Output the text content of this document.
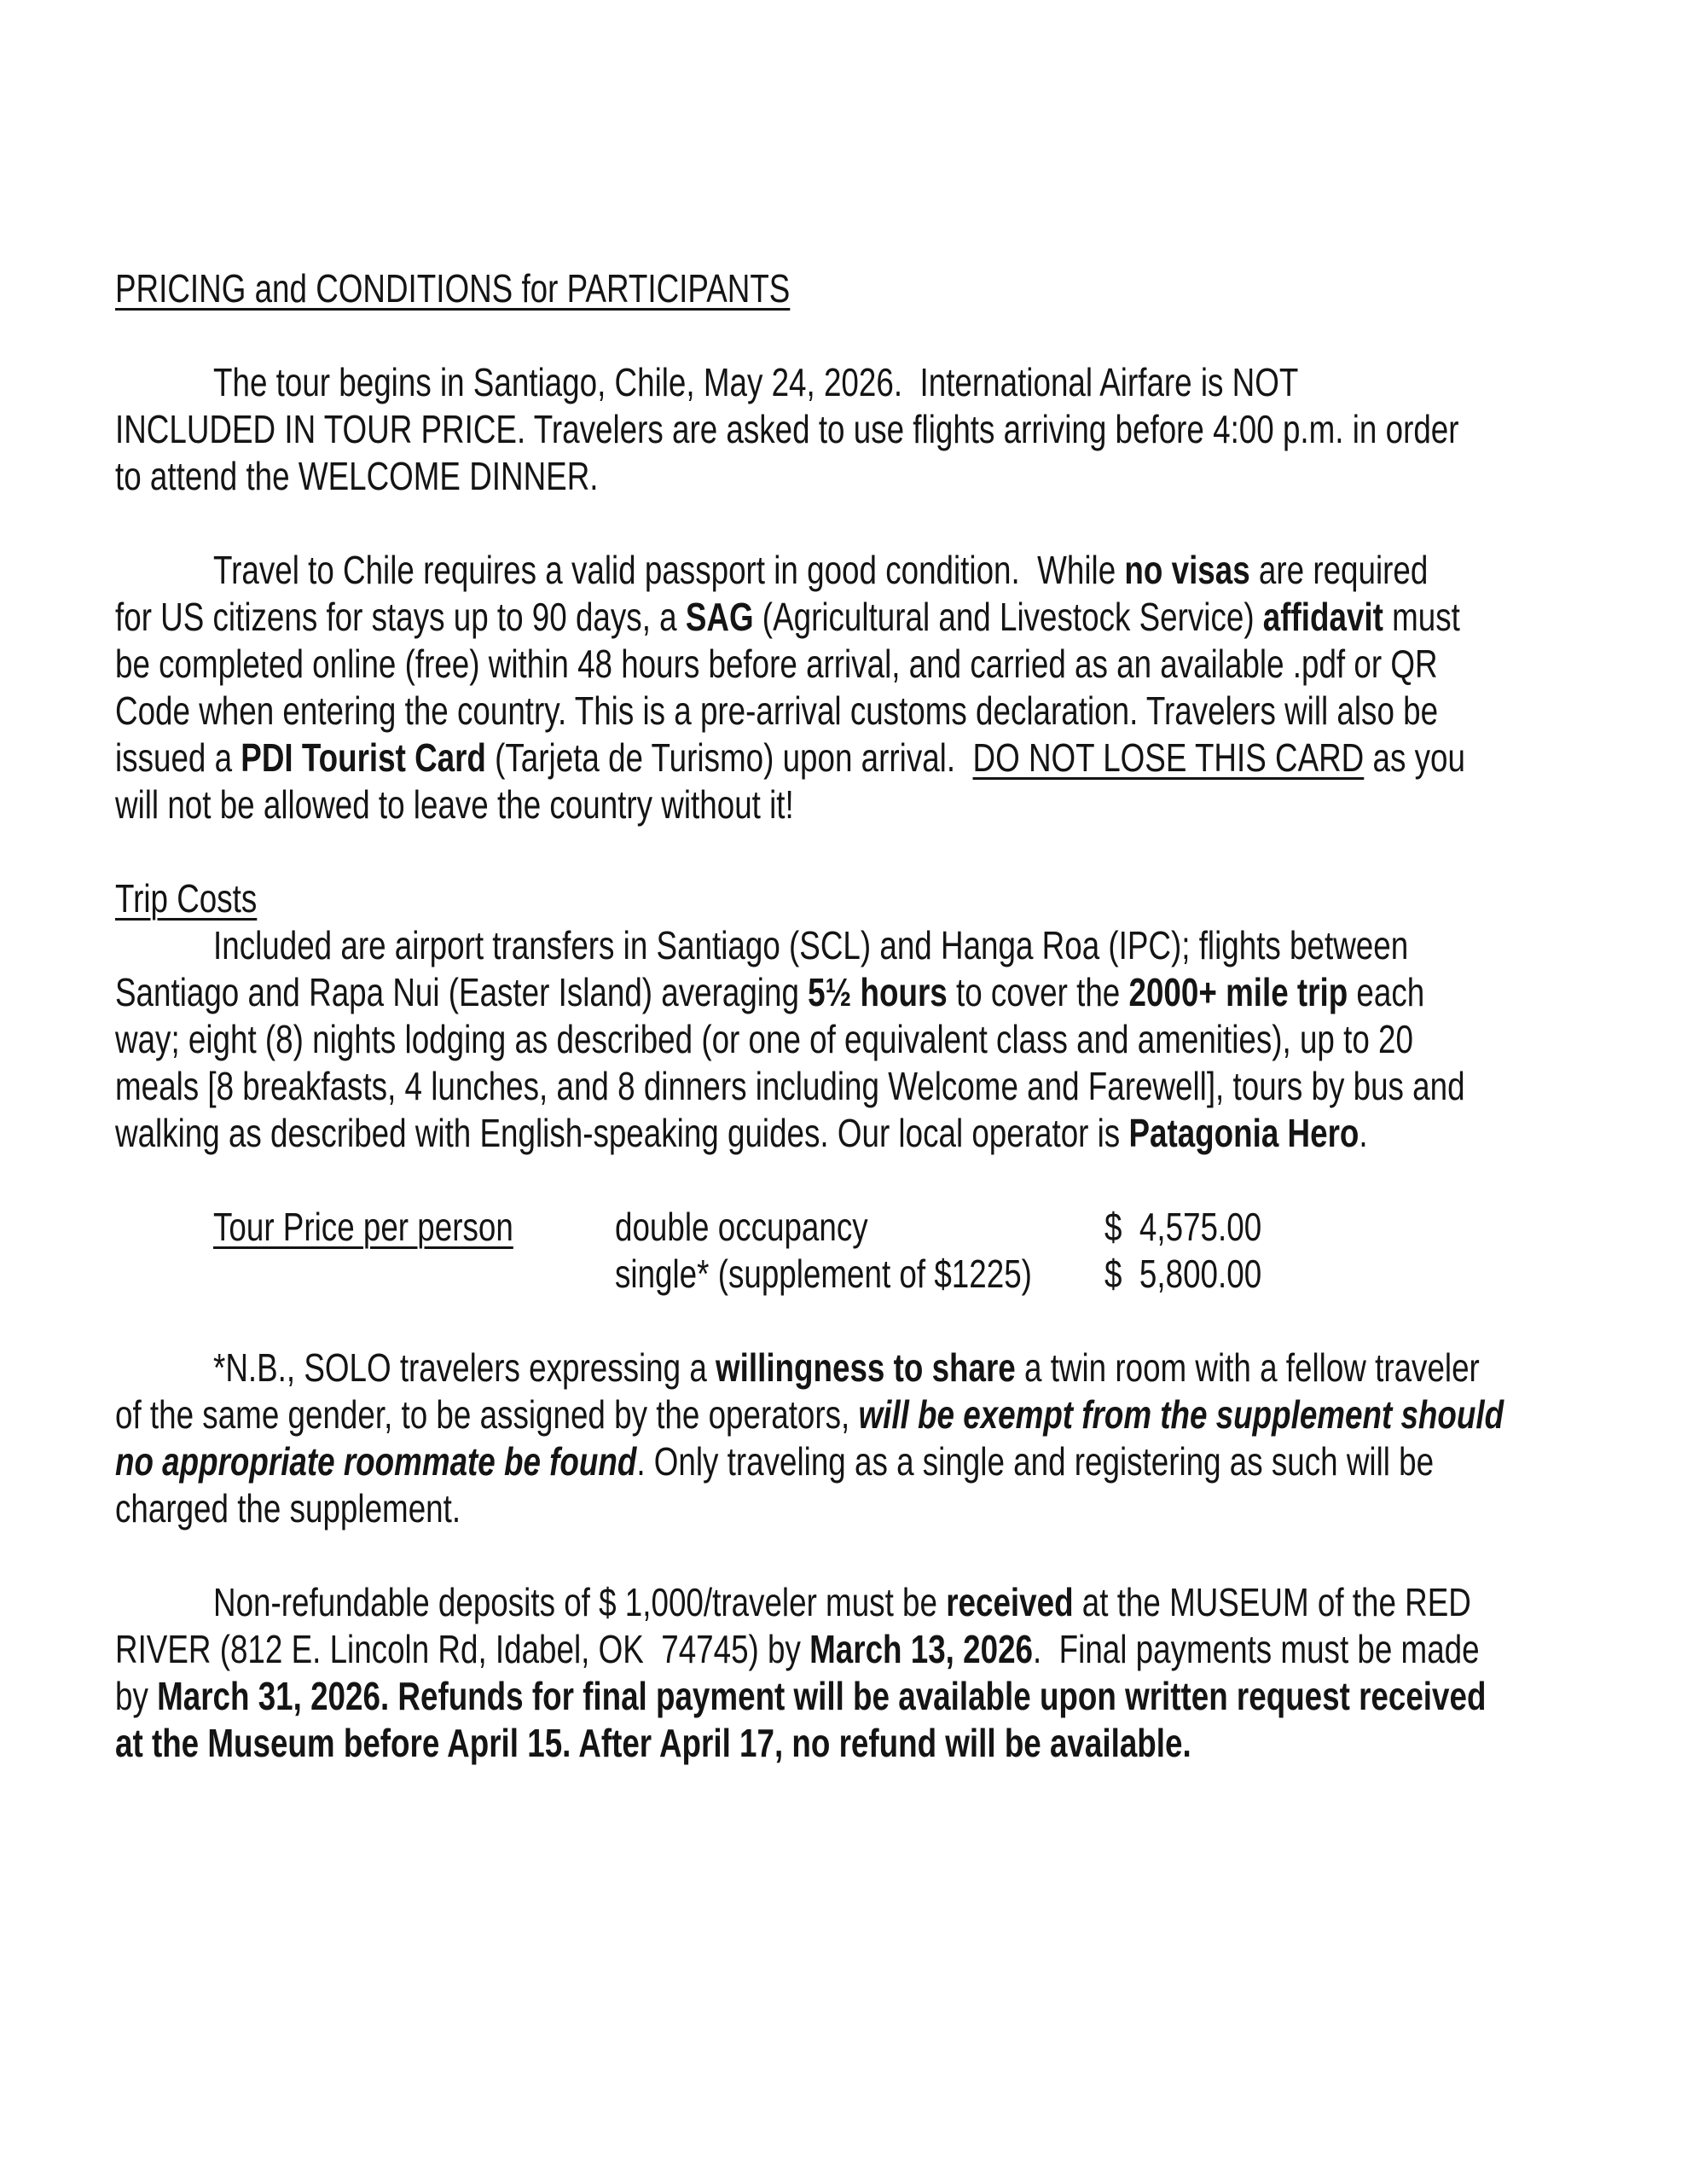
PRICING and CONDITIONS for PARTICIPANTS
The tour begins in Santiago, Chile, May 24, 2026.  International Airfare is NOT
INCLUDED IN TOUR PRICE. Travelers are asked to use flights arriving before 4:00 p.m. in order
to attend the WELCOME DINNER.
Travel to Chile requires a valid passport in good condition.  While no visas are required
for US citizens for stays up to 90 days, a SAG (Agricultural and Livestock Service) affidavit must
be completed online (free) within 48 hours before arrival, and carried as an available .pdf or QR
Code when entering the country. This is a pre-arrival customs declaration. Travelers will also be
issued a PDI Tourist Card (Tarjeta de Turismo) upon arrival.  DO NOT LOSE THIS CARD as you
will not be allowed to leave the country without it!
Trip Costs
Included are airport transfers in Santiago (SCL) and Hanga Roa (IPC); flights between
Santiago and Rapa Nui (Easter Island) averaging 5½ hours to cover the 2000+ mile trip each
way; eight (8) nights lodging as described (or one of equivalent class and amenities), up to 20
meals [8 breakfasts, 4 lunches, and 8 dinners including Welcome and Farewell], tours by bus and
walking as described with English-speaking guides. Our local operator is Patagonia Hero.
Tour Price per person	double occupancy	$  4,575.00
single* (supplement of $1225)	$  5,800.00
*N.B., SOLO travelers expressing a willingness to share a twin room with a fellow traveler
of the same gender, to be assigned by the operators, will be exempt from the supplement should
no appropriate roommate be found. Only traveling as a single and registering as such will be
charged the supplement.
Non-refundable deposits of $ 1,000/traveler must be received at the MUSEUM of the RED
RIVER (812 E. Lincoln Rd, Idabel, OK  74745) by March 13, 2026.  Final payments must be made
by March 31, 2026. Refunds for final payment will be available upon written request received
at the Museum before April 15. After April 17, no refund will be available.
